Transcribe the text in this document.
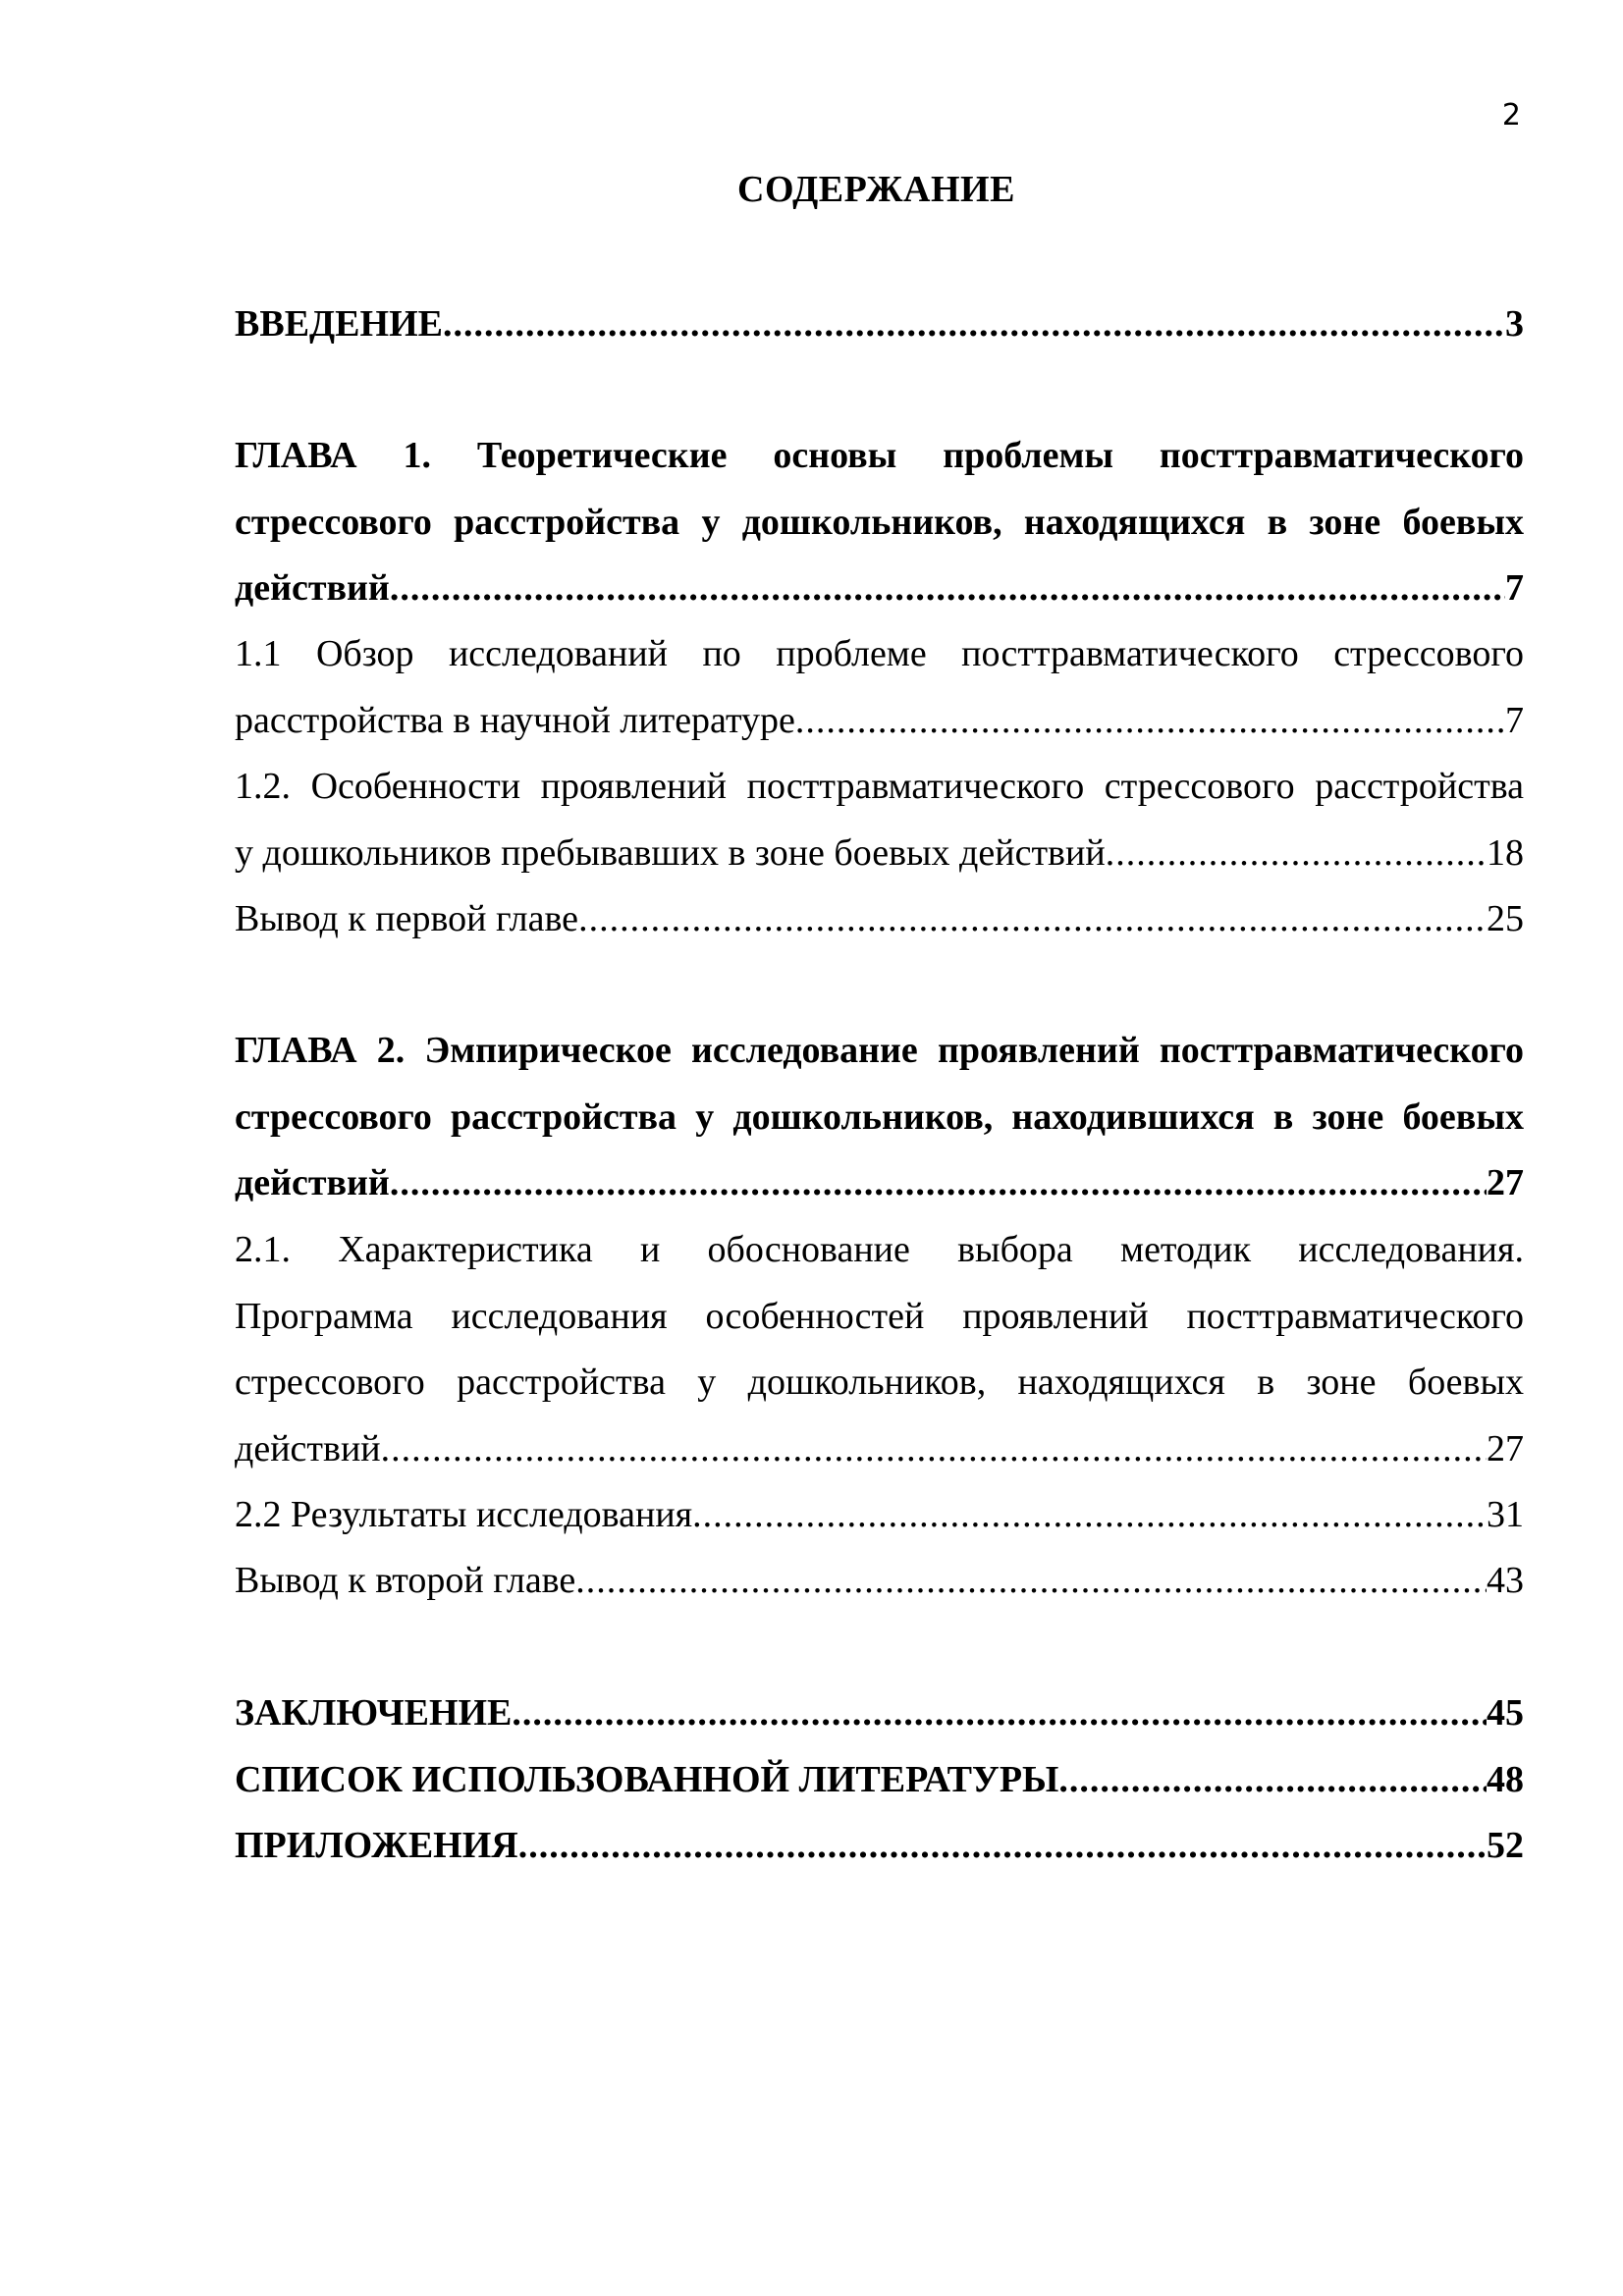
2
СОДЕРЖАНИЕ
ВВЕДЕНИЕ .....	3
ГЛАВА 1. Теоретические основы проблемы посттравматического
стрессового расстройства у дошкольников, находящихся в зоне боевых
действий .....	7
1.1 Обзор исследований по проблеме посттравматического стрессового
расстройства в научной литературе .....	7
1.2. Особенности проявлений посттравматического стрессового расстройства
у дошкольников пребывавших в зоне боевых действий .....	18
Вывод к первой главе .....	25
ГЛАВА 2. Эмпирическое исследование проявлений посттравматического
стрессового расстройства у дошкольников, находившихся в зоне боевых
действий .....	27
2.1. Характеристика и обоснование выбора методик исследования.
Программа исследования особенностей проявлений посттравматического
стрессового расстройства у дошкольников, находящихся в зоне боевых
действий .....	27
2.2 Результаты исследования .....	31
Вывод к второй главе .....	43
ЗАКЛЮЧЕНИЕ .....	45
СПИСОК ИСПОЛЬЗОВАННОЙ ЛИТЕРАТУРЫ .....	48
ПРИЛОЖЕНИЯ .....	52
